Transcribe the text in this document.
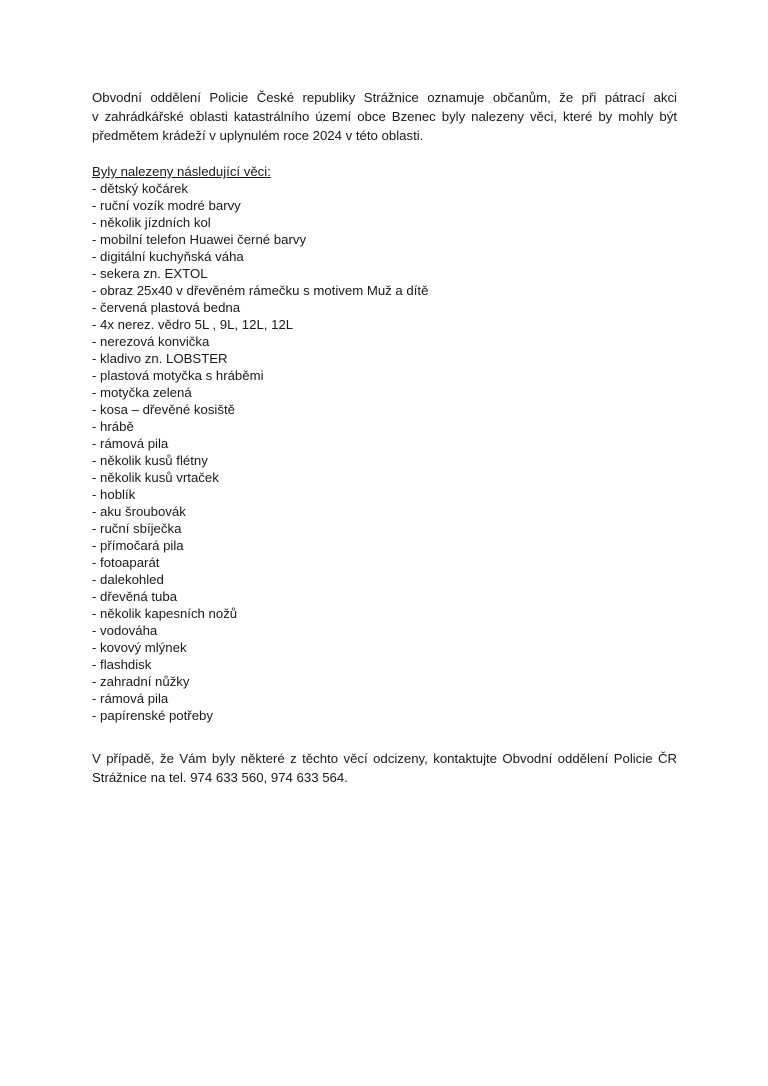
Obvodní oddělení Policie České republiky Strážnice oznamuje občanům, že při pátrací akci
v zahrádkářské oblasti katastrálního území obce Bzenec byly nalezeny věci, které by mohly být
předmětem krádeží v uplynulém roce 2024 v této oblasti.

Byly nalezeny následující věci:
- dětský kočárek
- ruční vozík modré barvy
- několik jízdních kol
- mobilní telefon Huawei černé barvy
- digitální kuchyňská váha
- sekera zn. EXTOL
- obraz 25x40 v dřevěném rámečku s motivem Muž a dítě
- červená plastová bedna
- 4x nerez. vědro 5L , 9L, 12L, 12L
- nerezová konvička
- kladivo zn. LOBSTER
- plastová motyčka s hráběmi
- motyčka zelená
- kosa – dřevěné kosiště
- hrábě
- rámová pila
- několik kusů flétny
- několik kusů vrtaček
- hoblík
- aku šroubovák
- ruční sbíječka
- přímočará pila
- fotoaparát
- dalekohled
- dřevěná tuba
- několik kapesních nožů
- vodováha
- kovový mlýnek
- flashdisk
- zahradní nůžky
- rámová pila
- papírenské potřeby

V případě, že Vám byly některé z těchto věcí odcizeny, kontaktujte Obvodní oddělení Policie ČR
Strážnice na tel. 974 633 560, 974 633 564.
